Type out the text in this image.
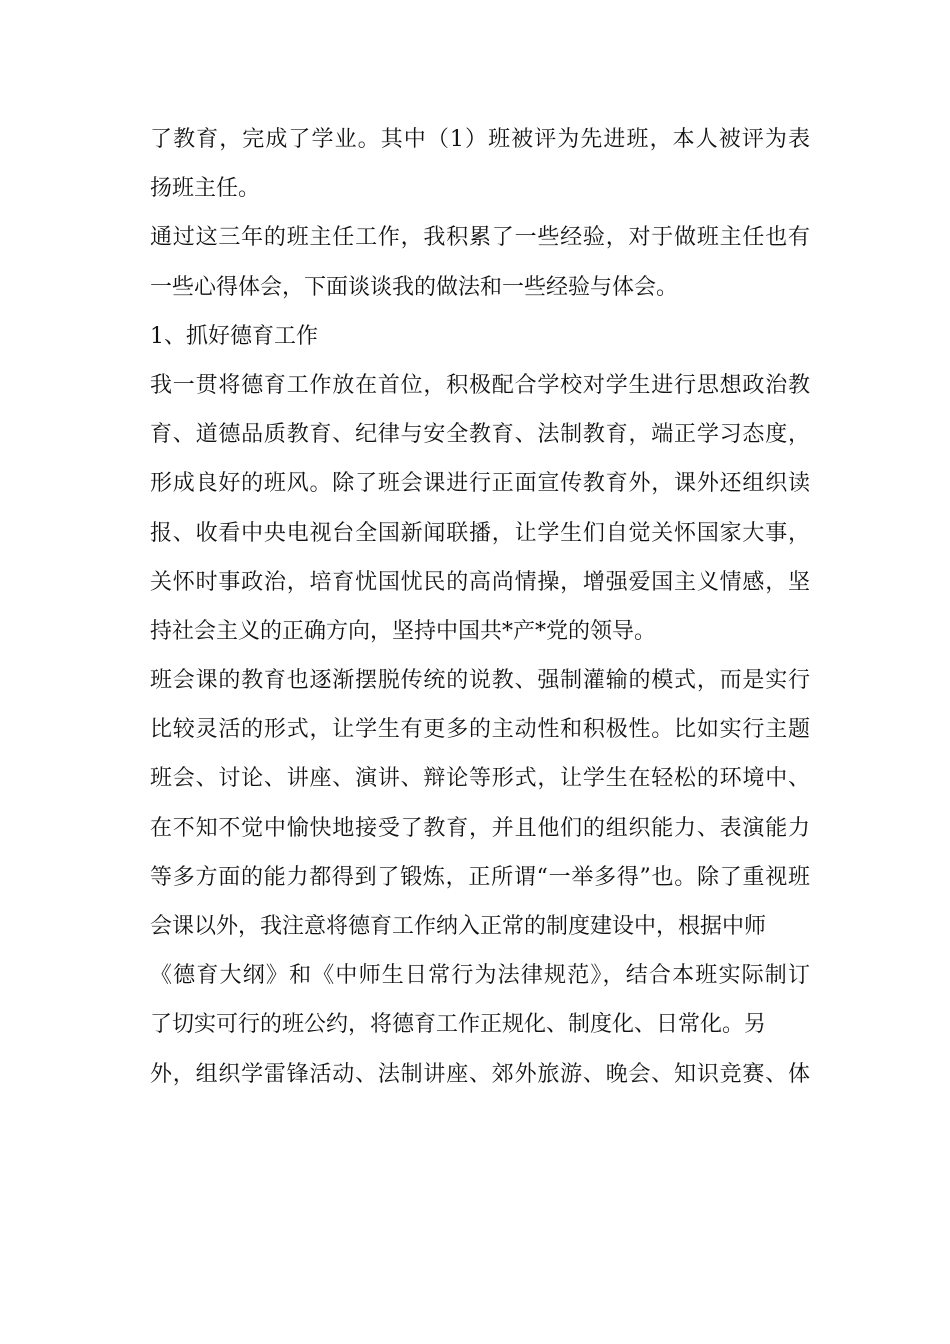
了教育，完成了学业。其中（1）班被评为先进班，本人被评为表
扬班主任。
通过这三年的班主任工作，我积累了一些经验，对于做班主任也有
一些心得体会，下面谈谈我的做法和一些经验与体会。
1、抓好德育工作
我一贯将德育工作放在首位，积极配合学校对学生进行思想政治教
育、道德品质教育、纪律与安全教育、法制教育，端正学习态度，
形成良好的班风。除了班会课进行正面宣传教育外，课外还组织读
报、收看中央电视台全国新闻联播，让学生们自觉关怀国家大事，
关怀时事政治，培育忧国忧民的高尚情操，增强爱国主义情感，坚
持社会主义的正确方向，坚持中国共*产*党的领导。
班会课的教育也逐渐摆脱传统的说教、强制灌输的模式，而是实行
比较灵活的形式，让学生有更多的主动性和积极性。比如实行主题
班会、讨论、讲座、演讲、辩论等形式，让学生在轻松的环境中、
在不知不觉中愉快地接受了教育，并且他们的组织能力、表演能力
等多方面的能力都得到了锻炼，正所谓“一举多得”也。除了重视班
会课以外，我注意将德育工作纳入正常的制度建设中，根据中师
《德育大纲》和《中师生日常行为法律规范》，结合本班实际制订
了切实可行的班公约，将德育工作正规化、制度化、日常化。另
外，组织学雷锋活动、法制讲座、郊外旅游、晚会、知识竞赛、体
